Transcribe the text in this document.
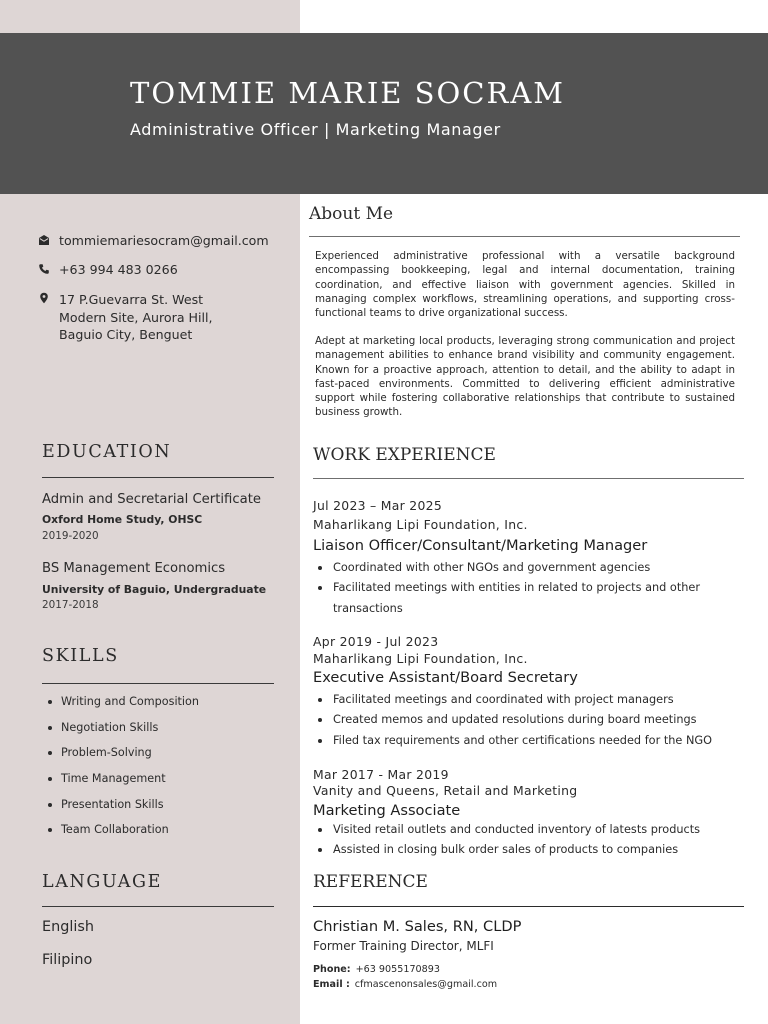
TOMMIE MARIE SOCRAM
Administrative Officer | Marketing Manager
tommiemariesocram@gmail.com
+63 994 483 0266
17 P.Guevarra St. West
Modern Site, Aurora Hill,
Baguio City, Benguet
EDUCATION
Admin and Secretarial Certificate
Oxford Home Study, OHSC
2019-2020
BS Management Economics
University of Baguio, Undergraduate
2017-2018
SKILLS
Writing and Composition
Negotiation Skills
Problem-Solving
Time Management
Presentation Skills
Team Collaboration
LANGUAGE
English
Filipino
About Me

Experienced administrative professional with a versatile background encompassing bookkeeping, legal and internal documentation, training coordination, and effective liaison with government agencies. Skilled in managing complex workflows, streamlining operations, and supporting cross-functional teams to drive organizational success.

Adept at marketing local products, leveraging strong communication and project management abilities to enhance brand visibility and community engagement. Known for a proactive approach, attention to detail, and the ability to adapt in fast-paced environments. Committed to delivering efficient administrative support while fostering collaborative relationships that contribute to sustained business growth.

WORK EXPERIENCE
Jul 2023 – Mar 2025
Maharlikang Lipi Foundation, Inc.
Liaison Officer/Consultant/Marketing Manager
Coordinated with other NGOs and government agencies
Facilitated meetings with entities in related to projects and other transactions
Apr 2019 - Jul 2023
Maharlikang Lipi Foundation, Inc.
Executive Assistant/Board Secretary
Facilitated meetings and coordinated with project managers
Created memos and updated resolutions during board meetings
Filed tax requirements and other certifications needed for the NGO
Mar 2017 - Mar 2019
Vanity and Queens, Retail and Marketing
Marketing Associate
Visited retail outlets and conducted inventory of latests products
Assisted in closing bulk order sales of products to companies
REFERENCE
Christian M. Sales, RN, CLDP
Former Training Director, MLFI
Phone: +63 9055170893
Email : cfmascenonsales@gmail.com
